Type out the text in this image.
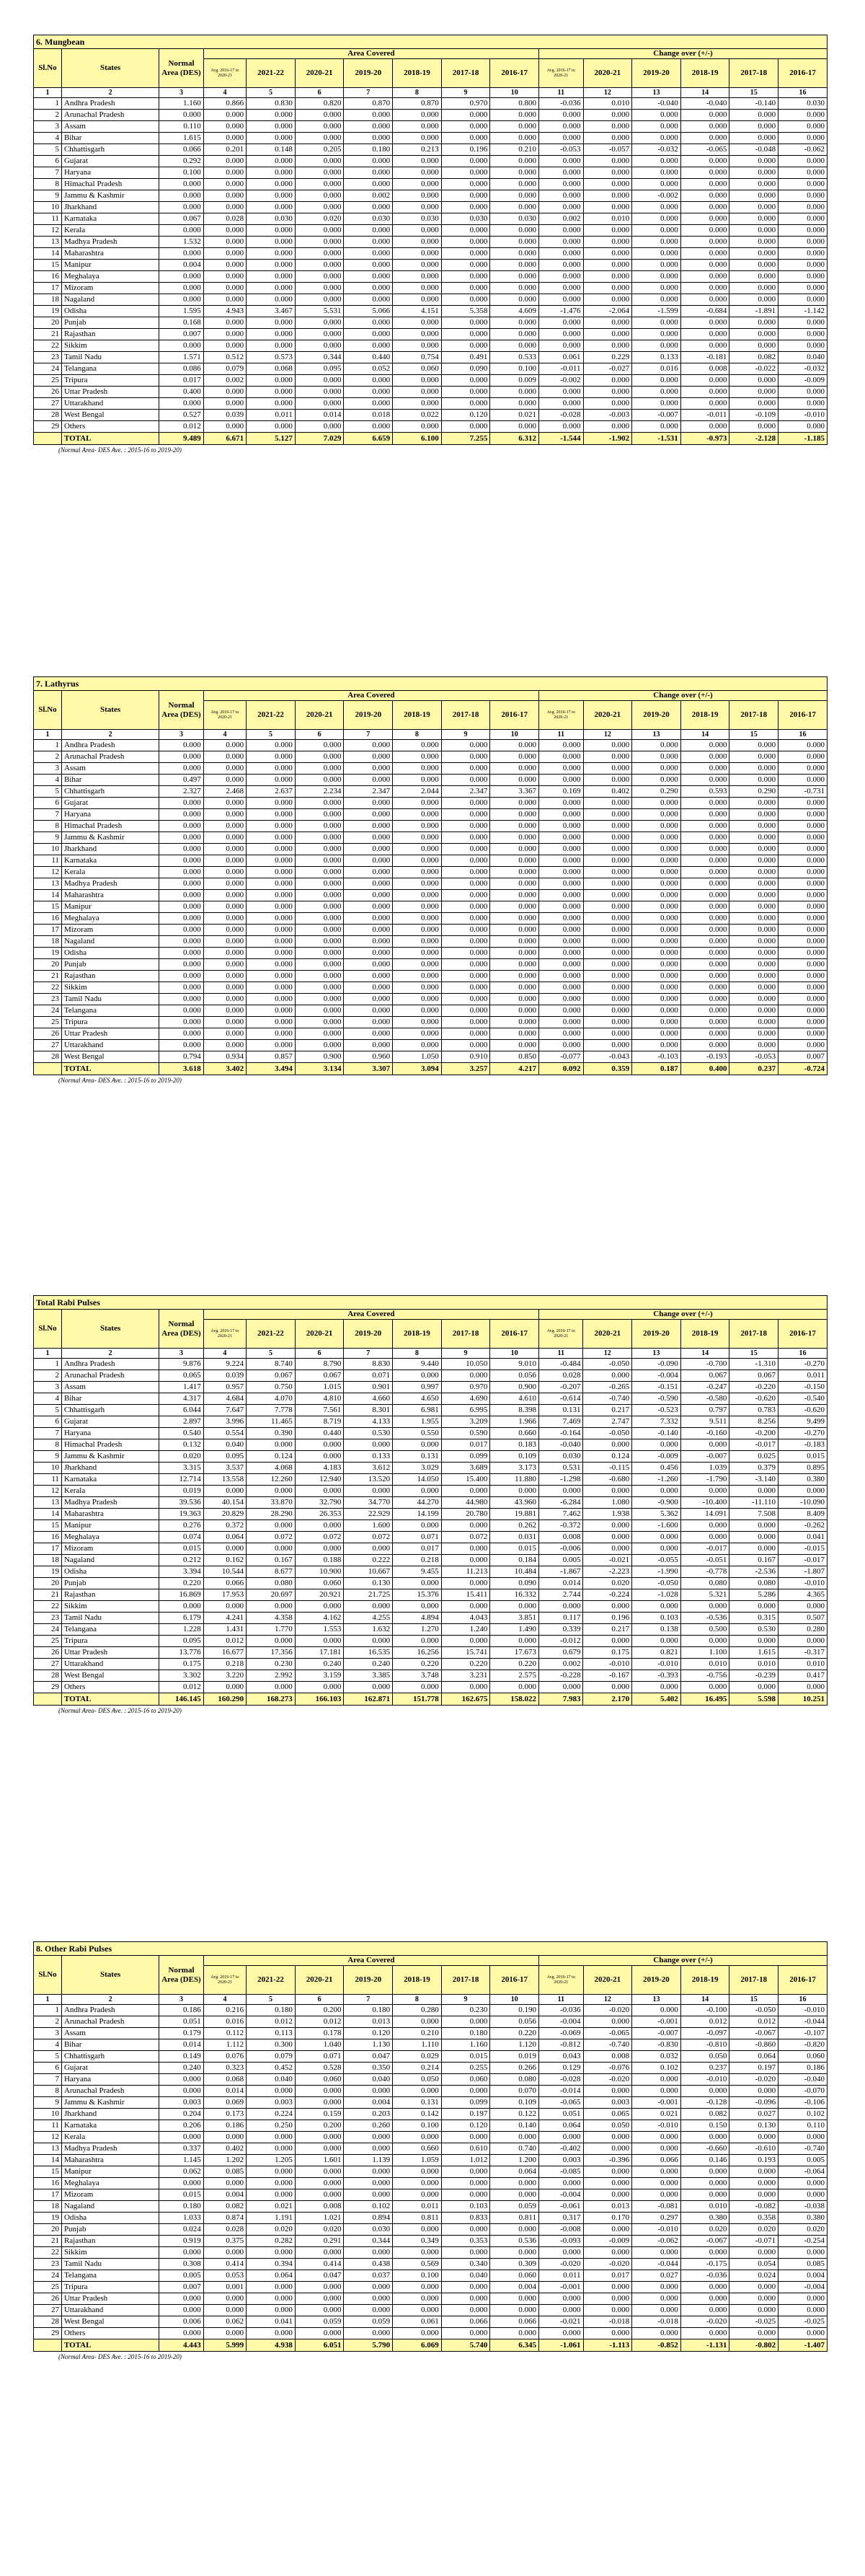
6. Mungbean															
Sl.No	States	Normal Area (DES)	Area Covered							Change over (+/-)					
			Avg. 2016-17 to 2020-21	2021-22	2020-21	2019-20	2018-19	2017-18	2016-17	Avg. 2016-17 to 2020-21	2020-21	2019-20	2018-19	2017-18	2016-17
1	2	3	4	5	6	7	8	9	10	11	12	13	14	15	16
1	Andhra Pradesh	1.160	0.866	0.830	0.820	0.870	0.870	0.970	0.800	-0.036	0.010	-0.040	-0.040	-0.140	0.030
2	Arunachal Pradesh	0.000	0.000	0.000	0.000	0.000	0.000	0.000	0.000	0.000	0.000	0.000	0.000	0.000	0.000
3	Assam	0.110	0.000	0.000	0.000	0.000	0.000	0.000	0.000	0.000	0.000	0.000	0.000	0.000	0.000
4	Bihar	1.615	0.000	0.000	0.000	0.000	0.000	0.000	0.000	0.000	0.000	0.000	0.000	0.000	0.000
5	Chhattisgarh	0.066	0.201	0.148	0.205	0.180	0.213	0.196	0.210	-0.053	-0.057	-0.032	-0.065	-0.048	-0.062
6	Gujarat	0.292	0.000	0.000	0.000	0.000	0.000	0.000	0.000	0.000	0.000	0.000	0.000	0.000	0.000
7	Haryana	0.100	0.000	0.000	0.000	0.000	0.000	0.000	0.000	0.000	0.000	0.000	0.000	0.000	0.000
8	Himachal Pradesh	0.000	0.000	0.000	0.000	0.000	0.000	0.000	0.000	0.000	0.000	0.000	0.000	0.000	0.000
9	Jammu & Kashmir	0.000	0.000	0.000	0.000	0.002	0.000	0.000	0.000	0.000	0.000	-0.002	0.000	0.000	0.000
10	Jharkhand	0.000	0.000	0.000	0.000	0.000	0.000	0.000	0.000	0.000	0.000	0.000	0.000	0.000	0.000
11	Karnataka	0.067	0.028	0.030	0.020	0.030	0.030	0.030	0.030	0.002	0.010	0.000	0.000	0.000	0.000
12	Kerala	0.000	0.000	0.000	0.000	0.000	0.000	0.000	0.000	0.000	0.000	0.000	0.000	0.000	0.000
13	Madhya Pradesh	1.532	0.000	0.000	0.000	0.000	0.000	0.000	0.000	0.000	0.000	0.000	0.000	0.000	0.000
14	Maharashtra	0.000	0.000	0.000	0.000	0.000	0.000	0.000	0.000	0.000	0.000	0.000	0.000	0.000	0.000
15	Manipur	0.004	0.000	0.000	0.000	0.000	0.000	0.000	0.000	0.000	0.000	0.000	0.000	0.000	0.000
16	Meghalaya	0.000	0.000	0.000	0.000	0.000	0.000	0.000	0.000	0.000	0.000	0.000	0.000	0.000	0.000
17	Mizoram	0.000	0.000	0.000	0.000	0.000	0.000	0.000	0.000	0.000	0.000	0.000	0.000	0.000	0.000
18	Nagaland	0.000	0.000	0.000	0.000	0.000	0.000	0.000	0.000	0.000	0.000	0.000	0.000	0.000	0.000
19	Odisha	1.595	4.943	3.467	5.531	5.066	4.151	5.358	4.609	-1.476	-2.064	-1.599	-0.684	-1.891	-1.142
20	Punjab	0.168	0.000	0.000	0.000	0.000	0.000	0.000	0.000	0.000	0.000	0.000	0.000	0.000	0.000
21	Rajasthan	0.007	0.000	0.000	0.000	0.000	0.000	0.000	0.000	0.000	0.000	0.000	0.000	0.000	0.000
22	Sikkim	0.000	0.000	0.000	0.000	0.000	0.000	0.000	0.000	0.000	0.000	0.000	0.000	0.000	0.000
23	Tamil Nadu	1.571	0.512	0.573	0.344	0.440	0.754	0.491	0.533	0.061	0.229	0.133	-0.181	0.082	0.040
24	Telangana	0.086	0.079	0.068	0.095	0.052	0.060	0.090	0.100	-0.011	-0.027	0.016	0.008	-0.022	-0.032
25	Tripura	0.017	0.002	0.000	0.000	0.000	0.000	0.000	0.009	-0.002	0.000	0.000	0.000	0.000	-0.009
26	Uttar Pradesh	0.400	0.000	0.000	0.000	0.000	0.000	0.000	0.000	0.000	0.000	0.000	0.000	0.000	0.000
27	Uttarakhand	0.000	0.000	0.000	0.000	0.000	0.000	0.000	0.000	0.000	0.000	0.000	0.000	0.000	0.000
28	West Bengal	0.527	0.039	0.011	0.014	0.018	0.022	0.120	0.021	-0.028	-0.003	-0.007	-0.011	-0.109	-0.010
29	Others	0.012	0.000	0.000	0.000	0.000	0.000	0.000	0.000	0.000	0.000	0.000	0.000	0.000	0.000
	TOTAL	9.489	6.671	5.127	7.029	6.659	6.100	7.255	6.312	-1.544	-1.902	-1.531	-0.973	-2.128	-1.185
(Normal Area- DES Ave. : 2015-16 to 2019-20)
7. Lathyrus															
Sl.No	States	Normal Area (DES)	Area Covered							Change over (+/-)					
			Avg. 2016-17 to 2020-21	2021-22	2020-21	2019-20	2018-19	2017-18	2016-17	Avg. 2016-17 to 2020-21	2020-21	2019-20	2018-19	2017-18	2016-17
1	2	3	4	5	6	7	8	9	10	11	12	13	14	15	16
1	Andhra Pradesh	0.000	0.000	0.000	0.000	0.000	0.000	0.000	0.000	0.000	0.000	0.000	0.000	0.000	0.000
2	Arunachal Pradesh	0.000	0.000	0.000	0.000	0.000	0.000	0.000	0.000	0.000	0.000	0.000	0.000	0.000	0.000
3	Assam	0.000	0.000	0.000	0.000	0.000	0.000	0.000	0.000	0.000	0.000	0.000	0.000	0.000	0.000
4	Bihar	0.497	0.000	0.000	0.000	0.000	0.000	0.000	0.000	0.000	0.000	0.000	0.000	0.000	0.000
5	Chhattisgarh	2.327	2.468	2.637	2.234	2.347	2.044	2.347	3.367	0.169	0.402	0.290	0.593	0.290	-0.731
6	Gujarat	0.000	0.000	0.000	0.000	0.000	0.000	0.000	0.000	0.000	0.000	0.000	0.000	0.000	0.000
7	Haryana	0.000	0.000	0.000	0.000	0.000	0.000	0.000	0.000	0.000	0.000	0.000	0.000	0.000	0.000
8	Himachal Pradesh	0.000	0.000	0.000	0.000	0.000	0.000	0.000	0.000	0.000	0.000	0.000	0.000	0.000	0.000
9	Jammu & Kashmir	0.000	0.000	0.000	0.000	0.000	0.000	0.000	0.000	0.000	0.000	0.000	0.000	0.000	0.000
10	Jharkhand	0.000	0.000	0.000	0.000	0.000	0.000	0.000	0.000	0.000	0.000	0.000	0.000	0.000	0.000
11	Karnataka	0.000	0.000	0.000	0.000	0.000	0.000	0.000	0.000	0.000	0.000	0.000	0.000	0.000	0.000
12	Kerala	0.000	0.000	0.000	0.000	0.000	0.000	0.000	0.000	0.000	0.000	0.000	0.000	0.000	0.000
13	Madhya Pradesh	0.000	0.000	0.000	0.000	0.000	0.000	0.000	0.000	0.000	0.000	0.000	0.000	0.000	0.000
14	Maharashtra	0.000	0.000	0.000	0.000	0.000	0.000	0.000	0.000	0.000	0.000	0.000	0.000	0.000	0.000
15	Manipur	0.000	0.000	0.000	0.000	0.000	0.000	0.000	0.000	0.000	0.000	0.000	0.000	0.000	0.000
16	Meghalaya	0.000	0.000	0.000	0.000	0.000	0.000	0.000	0.000	0.000	0.000	0.000	0.000	0.000	0.000
17	Mizoram	0.000	0.000	0.000	0.000	0.000	0.000	0.000	0.000	0.000	0.000	0.000	0.000	0.000	0.000
18	Nagaland	0.000	0.000	0.000	0.000	0.000	0.000	0.000	0.000	0.000	0.000	0.000	0.000	0.000	0.000
19	Odisha	0.000	0.000	0.000	0.000	0.000	0.000	0.000	0.000	0.000	0.000	0.000	0.000	0.000	0.000
20	Punjab	0.000	0.000	0.000	0.000	0.000	0.000	0.000	0.000	0.000	0.000	0.000	0.000	0.000	0.000
21	Rajasthan	0.000	0.000	0.000	0.000	0.000	0.000	0.000	0.000	0.000	0.000	0.000	0.000	0.000	0.000
22	Sikkim	0.000	0.000	0.000	0.000	0.000	0.000	0.000	0.000	0.000	0.000	0.000	0.000	0.000	0.000
23	Tamil Nadu	0.000	0.000	0.000	0.000	0.000	0.000	0.000	0.000	0.000	0.000	0.000	0.000	0.000	0.000
24	Telangana	0.000	0.000	0.000	0.000	0.000	0.000	0.000	0.000	0.000	0.000	0.000	0.000	0.000	0.000
25	Tripura	0.000	0.000	0.000	0.000	0.000	0.000	0.000	0.000	0.000	0.000	0.000	0.000	0.000	0.000
26	Uttar Pradesh	0.000	0.000	0.000	0.000	0.000	0.000	0.000	0.000	0.000	0.000	0.000	0.000	0.000	0.000
27	Uttarakhand	0.000	0.000	0.000	0.000	0.000	0.000	0.000	0.000	0.000	0.000	0.000	0.000	0.000	0.000
28	West Bengal	0.794	0.934	0.857	0.900	0.960	1.050	0.910	0.850	-0.077	-0.043	-0.103	-0.193	-0.053	0.007
	TOTAL	3.618	3.402	3.494	3.134	3.307	3.094	3.257	4.217	0.092	0.359	0.187	0.400	0.237	-0.724
(Normal Area- DES Ave. : 2015-16 to 2019-20)
Total Rabi Pulses															
Sl.No	States	Normal Area (DES)	Area Covered							Change over (+/-)					
			Avg. 2016-17 to 2020-21	2021-22	2020-21	2019-20	2018-19	2017-18	2016-17	Avg. 2016-17 to 2020-21	2020-21	2019-20	2018-19	2017-18	2016-17
1	2	3	4	5	6	7	8	9	10	11	12	13	14	15	16
1	Andhra Pradesh	9.876	9.224	8.740	8.790	8.830	9.440	10.050	9.010	-0.484	-0.050	-0.090	-0.700	-1.310	-0.270
2	Arunachal Pradesh	0.065	0.039	0.067	0.067	0.071	0.000	0.000	0.056	0.028	0.000	-0.004	0.067	0.067	0.011
3	Assam	1.417	0.957	0.750	1.015	0.901	0.997	0.970	0.900	-0.207	-0.265	-0.151	-0.247	-0.220	-0.150
4	Bihar	4.317	4.684	4.070	4.810	4.660	4.650	4.690	4.610	-0.614	-0.740	-0.590	-0.580	-0.620	-0.540
5	Chhattisgarh	6.044	7.647	7.778	7.561	8.301	6.981	6.995	8.398	0.131	0.217	-0.523	0.797	0.783	-0.620
6	Gujarat	2.897	3.996	11.465	8.719	4.133	1.955	3.209	1.966	7.469	2.747	7.332	9.511	8.256	9.499
7	Haryana	0.540	0.554	0.390	0.440	0.530	0.550	0.590	0.660	-0.164	-0.050	-0.140	-0.160	-0.200	-0.270
8	Himachal Pradesh	0.132	0.040	0.000	0.000	0.000	0.000	0.017	0.183	-0.040	0.000	0.000	0.000	-0.017	-0.183
9	Jammu & Kashmir	0.020	0.095	0.124	0.000	0.133	0.131	0.099	0.109	0.030	0.124	-0.009	-0.007	0.025	0.015
10	Jharkhand	3.315	3.537	4.068	4.183	3.612	3.029	3.689	3.173	0.531	-0.115	0.456	1.039	0.379	0.895
11	Karnataka	12.714	13.558	12.260	12.940	13.520	14.050	15.400	11.880	-1.298	-0.680	-1.260	-1.790	-3.140	0.380
12	Kerala	0.019	0.000	0.000	0.000	0.000	0.000	0.000	0.000	0.000	0.000	0.000	0.000	0.000	0.000
13	Madhya Pradesh	39.536	40.154	33.870	32.790	34.770	44.270	44.980	43.960	-6.284	1.080	-0.900	-10.400	-11.110	-10.090
14	Maharashtra	19.363	20.829	28.290	26.353	22.929	14.199	20.780	19.881	7.462	1.938	5.362	14.091	7.508	8.409
15	Manipur	0.276	0.372	0.000	0.000	1.600	0.000	0.000	0.262	-0.372	0.000	-1.600	0.000	0.000	-0.262
16	Meghalaya	0.074	0.064	0.072	0.072	0.072	0.071	0.072	0.031	0.008	0.000	0.000	0.000	0.000	0.041
17	Mizoram	0.015	0.000	0.000	0.000	0.000	0.017	0.000	0.015	-0.006	0.000	0.000	-0.017	0.000	-0.015
18	Nagaland	0.212	0.162	0.167	0.188	0.222	0.218	0.000	0.184	0.005	-0.021	-0.055	-0.051	0.167	-0.017
19	Odisha	3.394	10.544	8.677	10.900	10.667	9.455	11.213	10.484	-1.867	-2.223	-1.990	-0.778	-2.536	-1.807
20	Punjab	0.220	0.066	0.080	0.060	0.130	0.000	0.000	0.090	0.014	0.020	-0.050	0.080	0.080	-0.010
21	Rajasthan	16.869	17.953	20.697	20.921	21.725	15.376	15.411	16.332	2.744	-0.224	-1.028	5.321	5.286	4.365
22	Sikkim	0.000	0.000	0.000	0.000	0.000	0.000	0.000	0.000	0.000	0.000	0.000	0.000	0.000	0.000
23	Tamil Nadu	6.179	4.241	4.358	4.162	4.255	4.894	4.043	3.851	0.117	0.196	0.103	-0.536	0.315	0.507
24	Telangana	1.228	1.431	1.770	1.553	1.632	1.270	1.240	1.490	0.339	0.217	0.138	0.500	0.530	0.280
25	Tripura	0.095	0.012	0.000	0.000	0.000	0.000	0.000	0.000	-0.012	0.000	0.000	0.000	0.000	0.000
26	Uttar Pradesh	13.776	16.677	17.356	17.181	16.535	16.256	15.741	17.673	0.679	0.175	0.821	1.100	1.615	-0.317
27	Uttarakhand	0.175	0.218	0.230	0.240	0.240	0.220	0.220	0.220	0.002	-0.010	-0.010	0.010	0.010	0.010
28	West Bengal	3.302	3.220	2.992	3.159	3.385	3.748	3.231	2.575	-0.228	-0.167	-0.393	-0.756	-0.239	0.417
29	Others	0.012	0.000	0.000	0.000	0.000	0.000	0.000	0.000	0.000	0.000	0.000	0.000	0.000	0.000
	TOTAL	146.145	160.290	168.273	166.103	162.871	151.778	162.675	158.022	7.983	2.170	5.402	16.495	5.598	10.251
(Normal Area- DES Ave. : 2015-16 to 2019-20)
8. Other Rabi Pulses															
Sl.No	States	Normal Area (DES)	Area Covered							Change over (+/-)					
			Avg. 2016-17 to 2020-21	2021-22	2020-21	2019-20	2018-19	2017-18	2016-17	Avg. 2016-17 to 2020-21	2020-21	2019-20	2018-19	2017-18	2016-17
1	2	3	4	5	6	7	8	9	10	11	12	13	14	15	16
1	Andhra Pradesh	0.186	0.216	0.180	0.200	0.180	0.280	0.230	0.190	-0.036	-0.020	0.000	-0.100	-0.050	-0.010
2	Arunachal Pradesh	0.051	0.016	0.012	0.012	0.013	0.000	0.000	0.056	-0.004	0.000	-0.001	0.012	0.012	-0.044
3	Assam	0.179	0.112	0.113	0.178	0.120	0.210	0.180	0.220	-0.069	-0.065	-0.007	-0.097	-0.067	-0.107
4	Bihar	0.014	1.112	0.300	1.040	1.130	1.110	1.160	1.120	-0.812	-0.740	-0.830	-0.810	-0.860	-0.820
5	Chhattisgarh	0.149	0.076	0.079	0.071	0.047	0.029	0.015	0.019	0.043	0.008	0.032	0.050	0.064	0.060
6	Gujarat	0.240	0.323	0.452	0.528	0.350	0.214	0.255	0.266	0.129	-0.076	0.102	0.237	0.197	0.186
7	Haryana	0.000	0.068	0.040	0.060	0.040	0.050	0.060	0.080	-0.028	-0.020	0.000	-0.010	-0.020	-0.040
8	Arunachal Pradesh	0.000	0.014	0.000	0.000	0.000	0.000	0.000	0.070	-0.014	0.000	0.000	0.000	0.000	-0.070
9	Jammu & Kashmir	0.003	0.069	0.003	0.000	0.004	0.131	0.099	0.109	-0.065	0.003	-0.001	-0.128	-0.096	-0.106
10	Jharkhand	0.204	0.173	0.224	0.159	0.203	0.142	0.197	0.122	0.051	0.065	0.021	0.082	0.027	0.102
11	Karnataka	0.206	0.186	0.250	0.200	0.260	0.100	0.120	0.140	0.064	0.050	-0.010	0.150	0.130	0.110
12	Kerala	0.000	0.000	0.000	0.000	0.000	0.000	0.000	0.000	0.000	0.000	0.000	0.000	0.000	0.000
13	Madhya Pradesh	0.337	0.402	0.000	0.000	0.000	0.660	0.610	0.740	-0.402	0.000	0.000	-0.660	-0.610	-0.740
14	Maharashtra	1.145	1.202	1.205	1.601	1.139	1.059	1.012	1.200	0.003	-0.396	0.066	0.146	0.193	0.005
15	Manipur	0.062	0.085	0.000	0.000	0.000	0.000	0.000	0.064	-0.085	0.000	0.000	0.000	0.000	-0.064
16	Meghalaya	0.000	0.000	0.000	0.000	0.000	0.000	0.000	0.000	0.000	0.000	0.000	0.000	0.000	0.000
17	Mizoram	0.015	0.004	0.000	0.000	0.000	0.000	0.000	0.000	-0.004	0.000	0.000	0.000	0.000	0.000
18	Nagaland	0.180	0.082	0.021	0.008	0.102	0.011	0.103	0.059	-0.061	0.013	-0.081	0.010	-0.082	-0.038
19	Odisha	1.033	0.874	1.191	1.021	0.894	0.811	0.833	0.811	0.317	0.170	0.297	0.380	0.358	0.380
20	Punjab	0.024	0.028	0.020	0.020	0.030	0.000	0.000	0.000	-0.008	0.000	-0.010	0.020	0.020	0.020
21	Rajasthan	0.919	0.375	0.282	0.291	0.344	0.349	0.353	0.536	-0.093	-0.009	-0.062	-0.067	-0.071	-0.254
22	Sikkim	0.000	0.000	0.000	0.000	0.000	0.000	0.000	0.000	0.000	0.000	0.000	0.000	0.000	0.000
23	Tamil Nadu	0.308	0.414	0.394	0.414	0.438	0.569	0.340	0.309	-0.020	-0.020	-0.044	-0.175	0.054	0.085
24	Telangana	0.005	0.053	0.064	0.047	0.037	0.100	0.040	0.060	0.011	0.017	0.027	-0.036	0.024	0.004
25	Tripura	0.007	0.001	0.000	0.000	0.000	0.000	0.000	0.004	-0.001	0.000	0.000	0.000	0.000	-0.004
26	Uttar Pradesh	0.000	0.000	0.000	0.000	0.000	0.000	0.000	0.000	0.000	0.000	0.000	0.000	0.000	0.000
27	Uttarakhand	0.000	0.000	0.000	0.000	0.000	0.000	0.000	0.000	0.000	0.000	0.000	0.000	0.000	0.000
28	West Bengal	0.006	0.062	0.041	0.059	0.059	0.061	0.066	0.066	-0.021	-0.018	-0.018	-0.020	-0.025	-0.025
29	Others	0.000	0.000	0.000	0.000	0.000	0.000	0.000	0.000	0.000	0.000	0.000	0.000	0.000	0.000
	TOTAL	4.443	5.999	4.938	6.051	5.790	6.069	5.740	6.345	-1.061	-1.113	-0.852	-1.131	-0.802	-1.407
(Normal Area- DES Ave. : 2015-16 to 2019-20)
